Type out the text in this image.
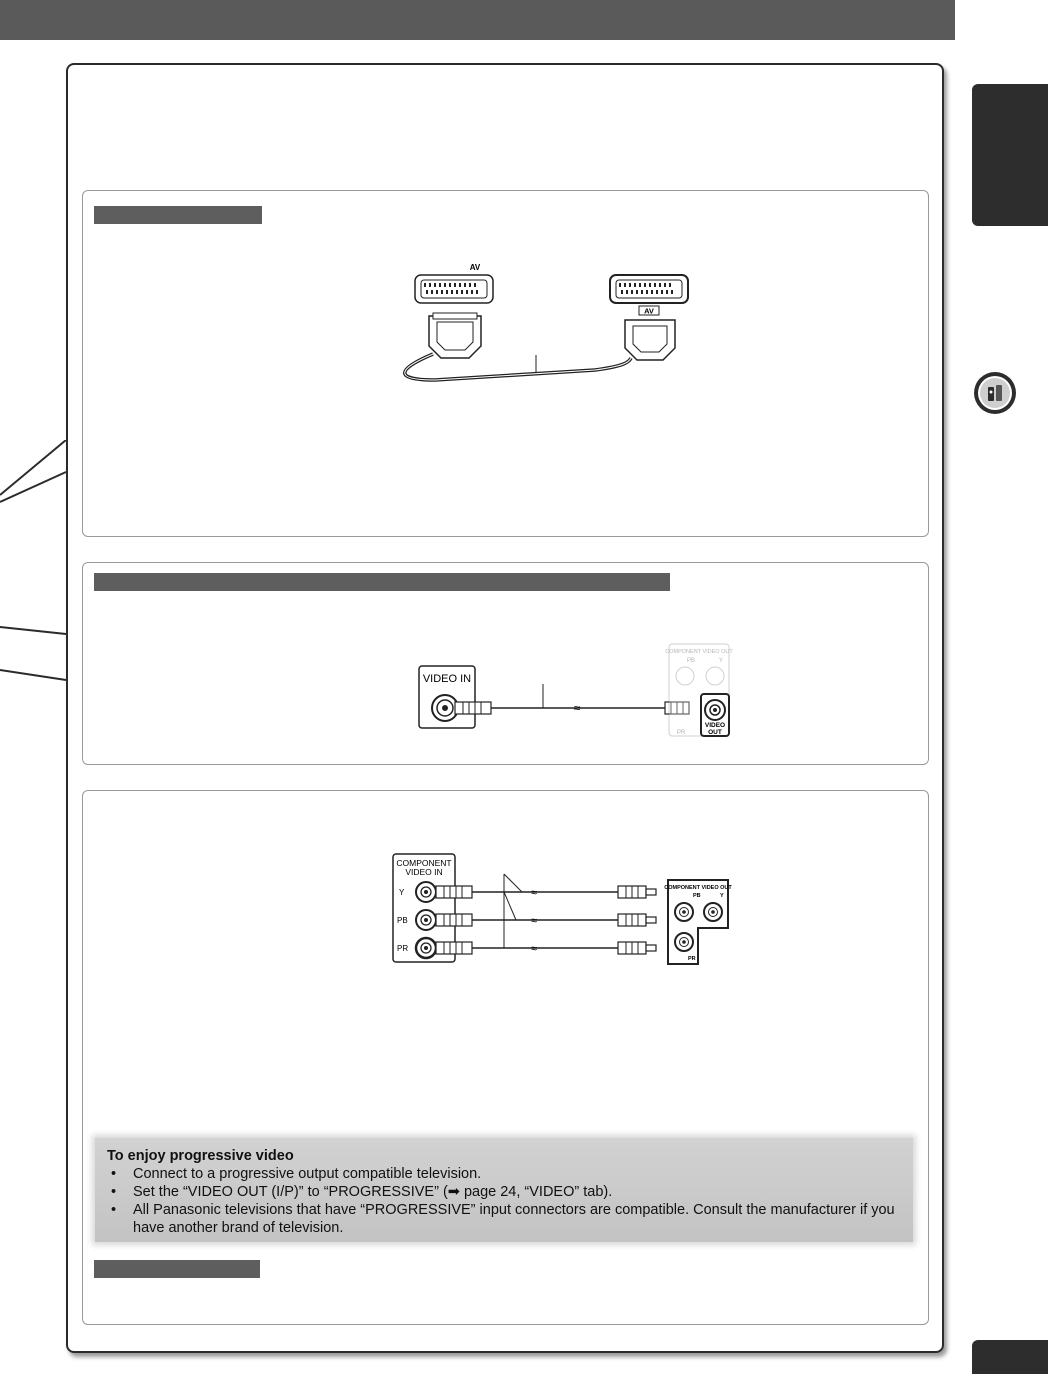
AV
AV
VIDEO IN
≈
COMPONENT VIDEO OUT
PB	Y
PR
VIDEO
OUT
COMPONENT
VIDEO IN
Y
PB
PR
≈
≈
≈
COMPONENT VIDEO OUT
PB	Y
PR
To enjoy progressive video
• Connect to a progressive output compatible television.
• Set the “VIDEO OUT (I/P)” to “PROGRESSIVE” (➡ page 24, “VIDEO” tab).
• All Panasonic televisions that have “PROGRESSIVE” input connectors are compatible. Consult the manufacturer if you have another brand of television.
